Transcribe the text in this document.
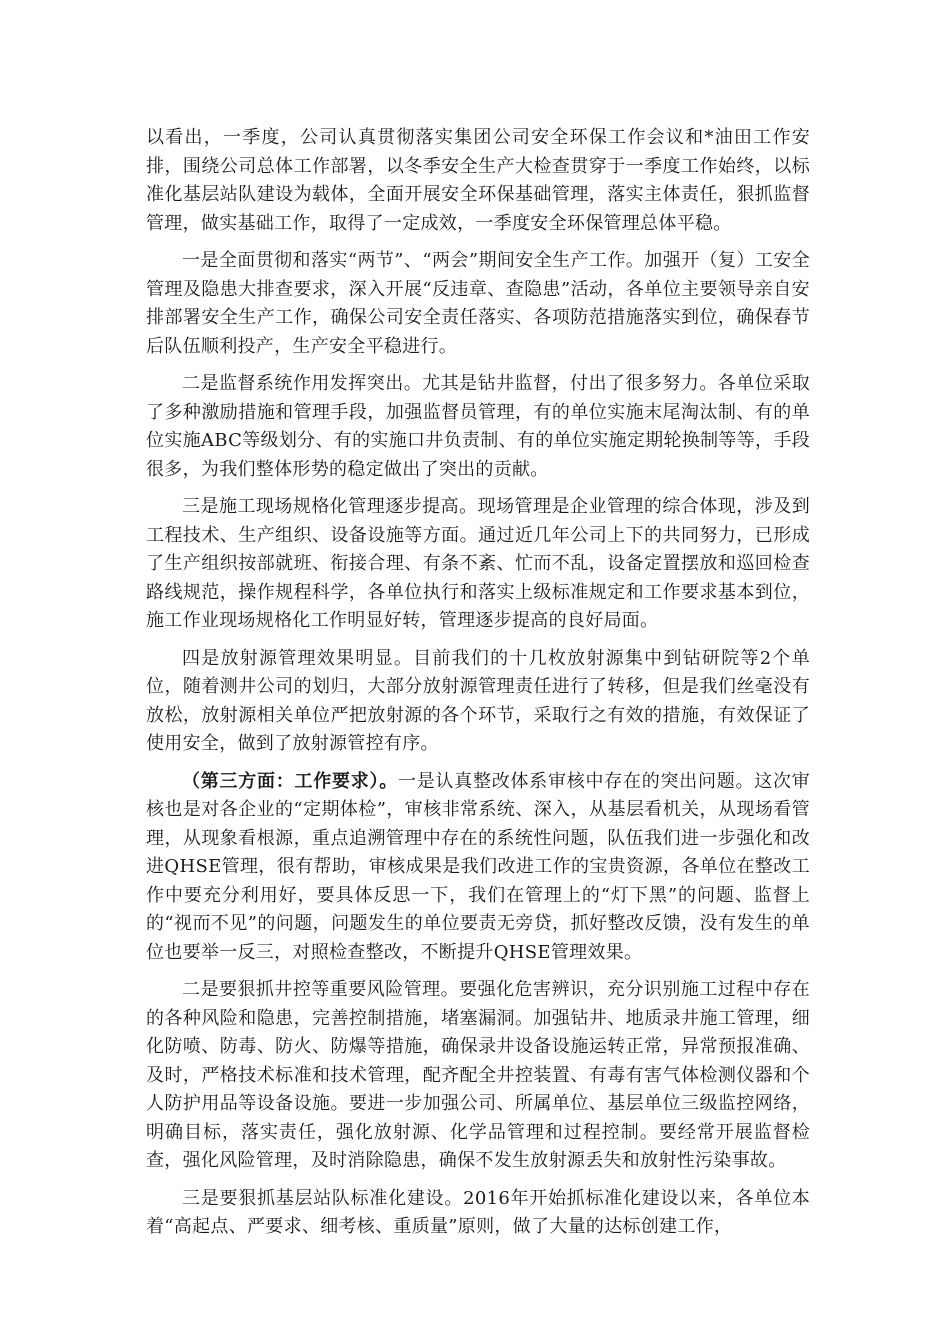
以看出，一季度，公司认真贯彻落实集团公司安全环保工作会议和*油田工作安排，围绕公司总体工作部署，以冬季安全生产大检查贯穿于一季度工作始终，以标准化基层站队建设为载体，全面开展安全环保基础管理，落实主体责任，狠抓监督管理，做实基础工作，取得了一定成效，一季度安全环保管理总体平稳。

一是全面贯彻和落实“两节”、“两会”期间安全生产工作。加强开（复）工安全管理及隐患大排查要求，深入开展“反违章、查隐患”活动，各单位主要领导亲自安排部署安全生产工作，确保公司安全责任落实、各项防范措施落实到位，确保春节后队伍顺利投产，生产安全平稳进行。

二是监督系统作用发挥突出。尤其是钻井监督，付出了很多努力。各单位采取了多种激励措施和管理手段，加强监督员管理，有的单位实施末尾淘汰制、有的单位实施ABC等级划分、有的实施口井负责制、有的单位实施定期轮换制等等，手段很多，为我们整体形势的稳定做出了突出的贡献。

三是施工现场规格化管理逐步提高。现场管理是企业管理的综合体现，涉及到工程技术、生产组织、设备设施等方面。通过近几年公司上下的共同努力，已形成了生产组织按部就班、衔接合理、有条不紊、忙而不乱，设备定置摆放和巡回检查路线规范，操作规程科学，各单位执行和落实上级标准规定和工作要求基本到位，施工作业现场规格化工作明显好转，管理逐步提高的良好局面。

四是放射源管理效果明显。目前我们的十几枚放射源集中到钻研院等2个单位，随着测井公司的划归，大部分放射源管理责任进行了转移，但是我们丝毫没有放松，放射源相关单位严把放射源的各个环节，采取行之有效的措施，有效保证了使用安全，做到了放射源管控有序。

（第三方面：工作要求）。一是认真整改体系审核中存在的突出问题。这次审核也是对各企业的“定期体检”，审核非常系统、深入，从基层看机关，从现场看管理，从现象看根源，重点追溯管理中存在的系统性问题，队伍我们进一步强化和改进QHSE管理，很有帮助，审核成果是我们改进工作的宝贵资源，各单位在整改工作中要充分利用好，要具体反思一下，我们在管理上的“灯下黑”的问题、监督上的“视而不见”的问题，问题发生的单位要责无旁贷，抓好整改反馈，没有发生的单位也要举一反三，对照检查整改，不断提升QHSE管理效果。

二是要狠抓井控等重要风险管理。要强化危害辨识，充分识别施工过程中存在的各种风险和隐患，完善控制措施，堵塞漏洞。加强钻井、地质录井施工管理，细化防喷、防毒、防火、防爆等措施，确保录井设备设施运转正常，异常预报准确、及时，严格技术标准和技术管理，配齐配全井控装置、有毒有害气体检测仪器和个人防护用品等设备设施。要进一步加强公司、所属单位、基层单位三级监控网络，明确目标，落实责任，强化放射源、化学品管理和过程控制。要经常开展监督检查，强化风险管理，及时消除隐患，确保不发生放射源丢失和放射性污染事故。

三是要狠抓基层站队标准化建设。2016年开始抓标准化建设以来，各单位本着“高起点、严要求、细考核、重质量”原则，做了大量的达标创建工作，
